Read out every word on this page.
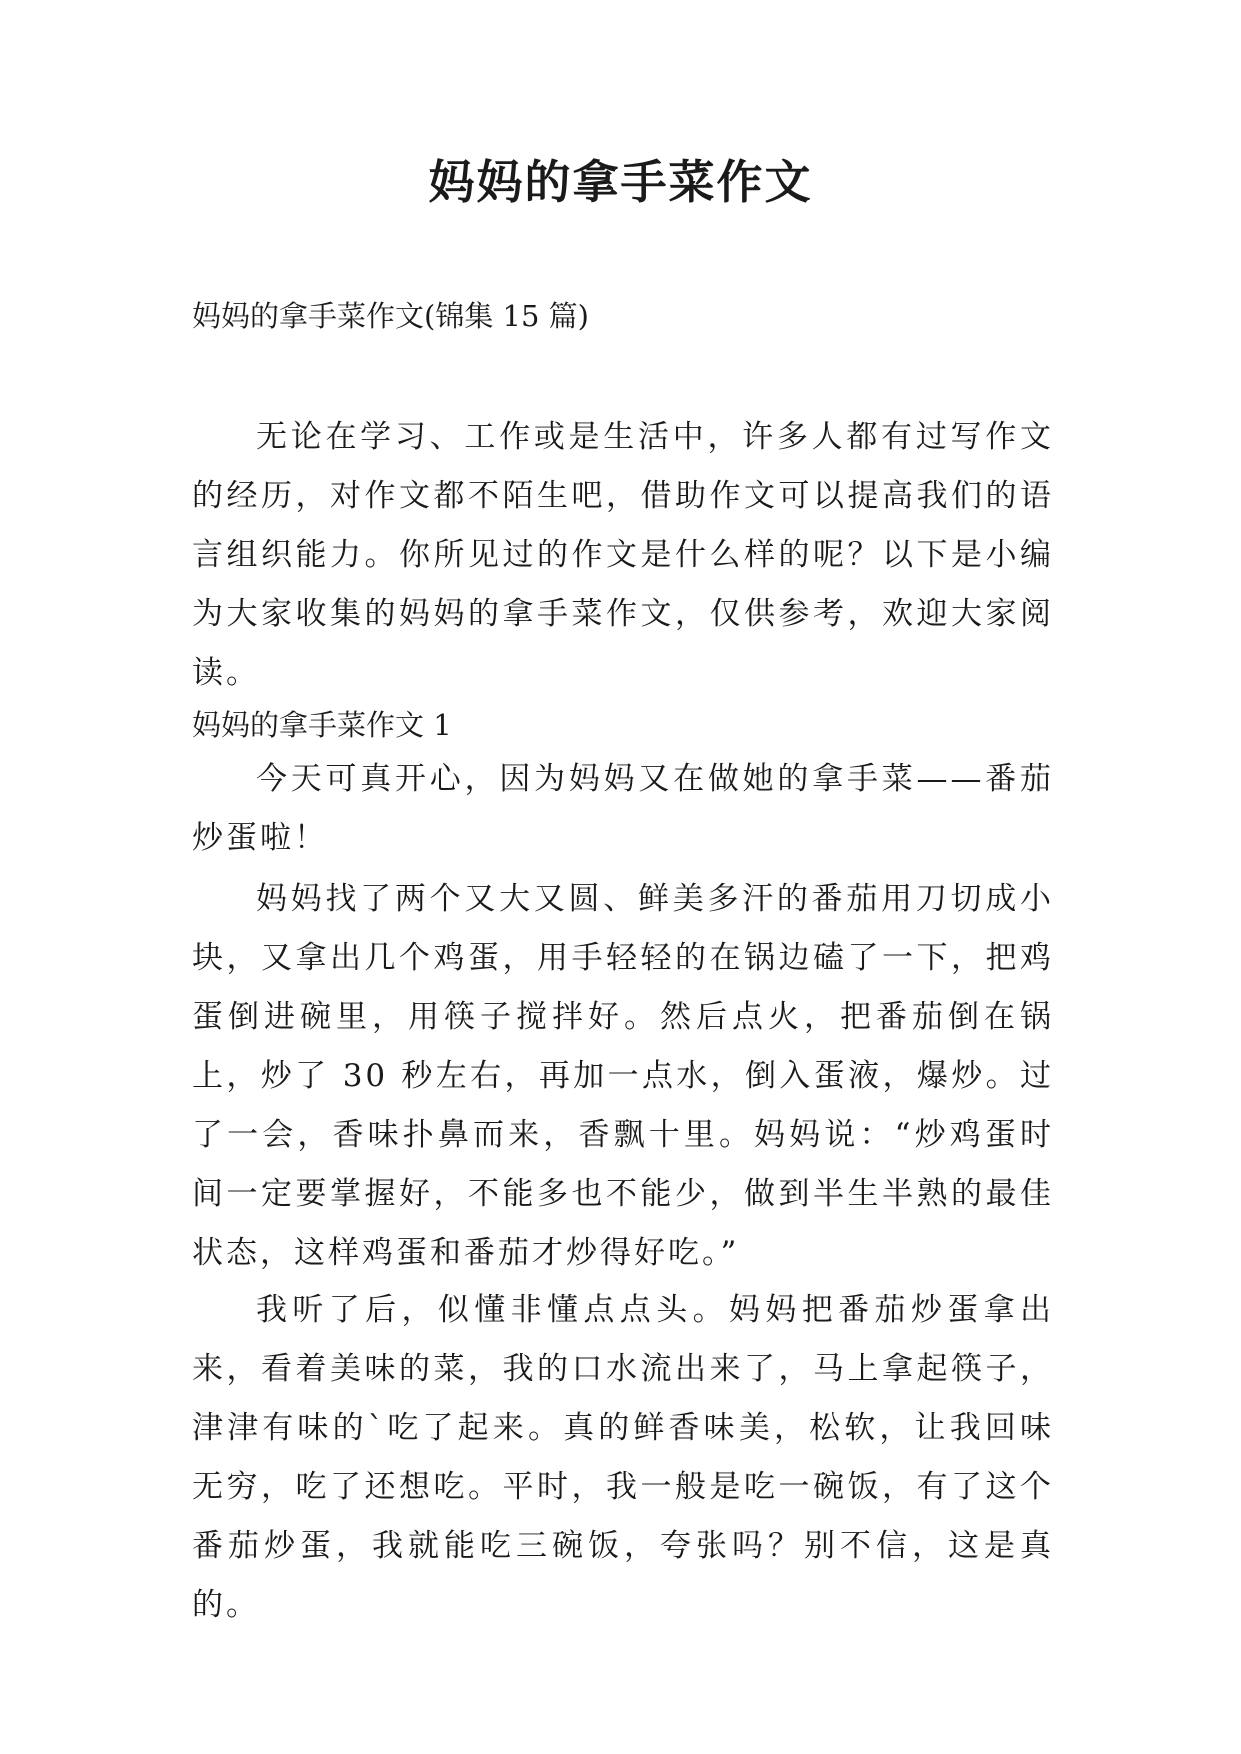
妈妈的拿手菜作文

妈妈的拿手菜作文(锦集 15 篇)

无论在学习、工作或是生活中，许多人都有过写作文的经历，对作文都不陌生吧，借助作文可以提高我们的语言组织能力。你所见过的作文是什么样的呢？以下是小编为大家收集的妈妈的拿手菜作文，仅供参考，欢迎大家阅读。

妈妈的拿手菜作文 1

今天可真开心，因为妈妈又在做她的拿手菜——番茄炒蛋啦！

妈妈找了两个又大又圆、鲜美多汗的番茄用刀切成小块，又拿出几个鸡蛋，用手轻轻的在锅边磕了一下，把鸡蛋倒进碗里，用筷子搅拌好。然后点火，把番茄倒在锅上，炒了 30 秒左右，再加一点水，倒入蛋液，爆炒。过了一会，香味扑鼻而来，香飘十里。妈妈说：“炒鸡蛋时间一定要掌握好，不能多也不能少，做到半生半熟的最佳状态，这样鸡蛋和番茄才炒得好吃。”

我听了后，似懂非懂点点头。妈妈把番茄炒蛋拿出来，看着美味的菜，我的口水流出来了，马上拿起筷子，津津有味的`吃了起来。真的鲜香味美，松软，让我回味无穷，吃了还想吃。平时，我一般是吃一碗饭，有了这个番茄炒蛋，我就能吃三碗饭，夸张吗？别不信，这是真的。
